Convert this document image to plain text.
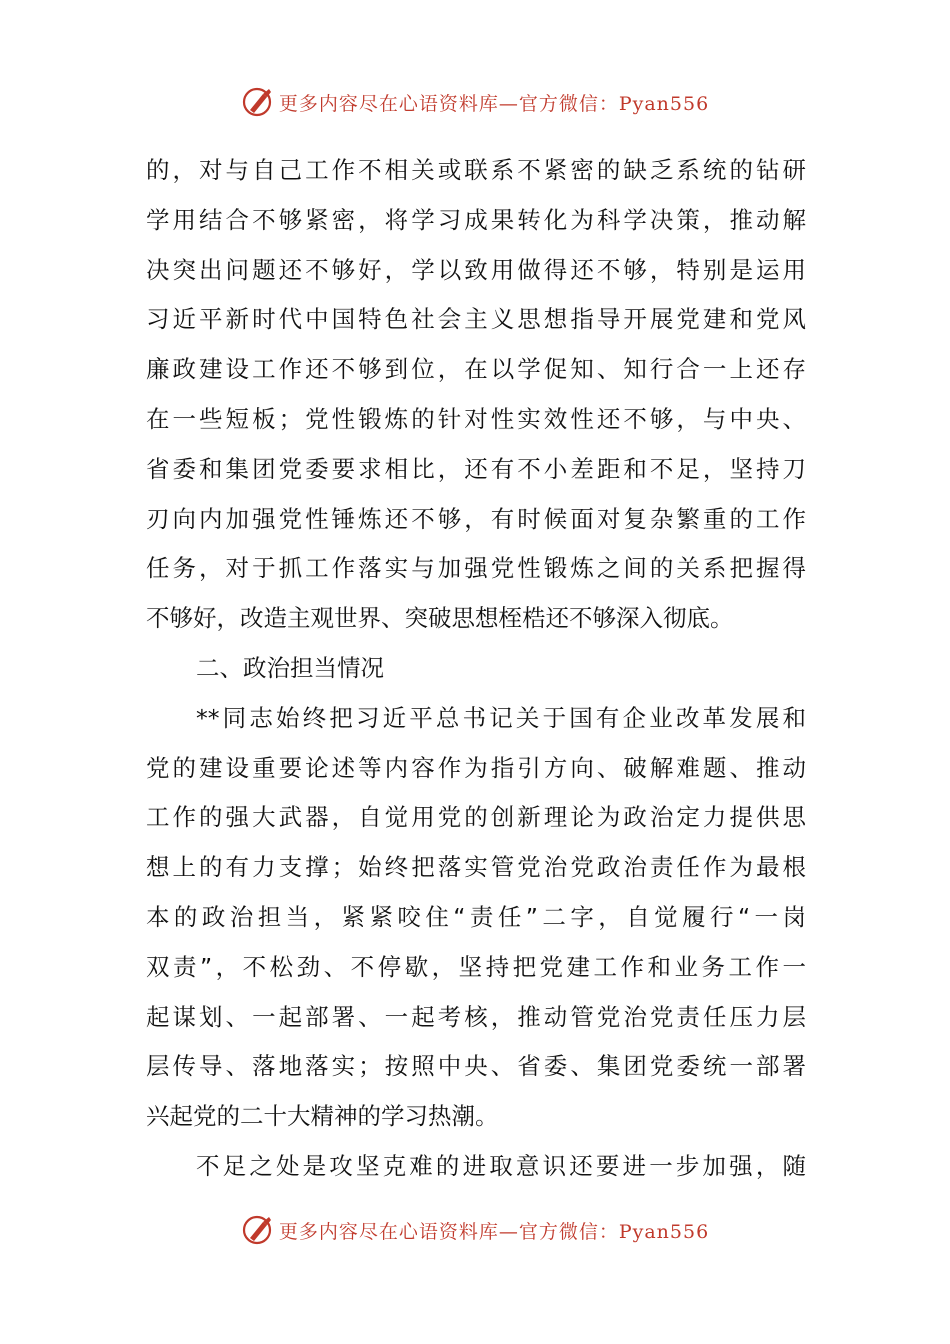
更多内容尽在心语资料库—官方微信：Pyan556
的，对与自己工作不相关或联系不紧密的缺乏系统的钻研
学用结合不够紧密，将学习成果转化为科学决策，推动解
决突出问题还不够好，学以致用做得还不够，特别是运用
习近平新时代中国特色社会主义思想指导开展党建和党风
廉政建设工作还不够到位，在以学促知、知行合一上还存
在一些短板；党性锻炼的针对性实效性还不够，与中央、
省委和集团党委要求相比，还有不小差距和不足，坚持刀
刃向内加强党性锤炼还不够，有时候面对复杂繁重的工作
任务，对于抓工作落实与加强党性锻炼之间的关系把握得
不够好，改造主观世界、突破思想桎梏还不够深入彻底。
二、政治担当情况
**同志始终把习近平总书记关于国有企业改革发展和
党的建设重要论述等内容作为指引方向、破解难题、推动
工作的强大武器，自觉用党的创新理论为政治定力提供思
想上的有力支撑；始终把落实管党治党政治责任作为最根
本的政治担当，紧紧咬住“责任”二字，自觉履行“一岗
双责”，不松劲、不停歇，坚持把党建工作和业务工作一
起谋划、一起部署、一起考核，推动管党治党责任压力层
层传导、落地落实；按照中央、省委、集团党委统一部署
兴起党的二十大精神的学习热潮。
不足之处是攻坚克难的进取意识还要进一步加强，随
更多内容尽在心语资料库—官方微信：Pyan556
